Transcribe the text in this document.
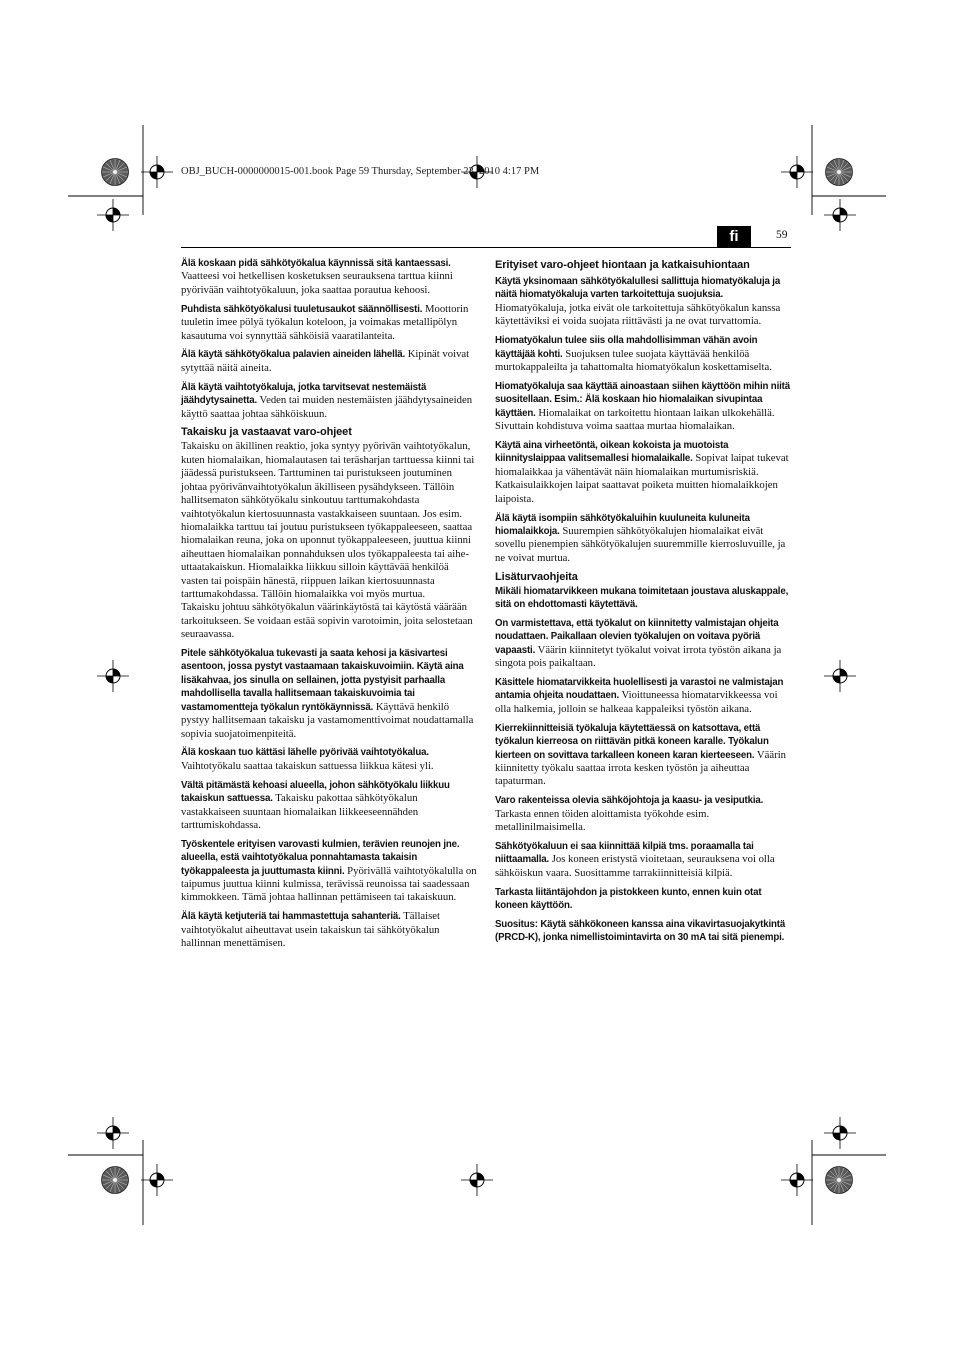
OBJ_BUCH-0000000015-001.book Page 59 Thursday, September 23, 2010 4:17 PM
fi	59

Älä koskaan pidä sähkötyökalua käynnissä sitä kantaessasi. Vaatteesi voi hetkellisen kosketuksen seurauksena tarttua kiinni pyörivään vaihtotyökaluun, joka saattaa porautua kehoosi.

Puhdista sähkötyökalusi tuuletusaukot säännöllisesti. Moottorin tuuletin imee pölyä työkalun koteloon, ja voimakas metallipölyn kasautuma voi synnyttää sähköisiä vaaratilanteita.

Älä käytä sähkötyökalua palavien aineiden lähellä. Kipinät voivat sytyttää näitä aineita.

Älä käytä vaihtotyökaluja, jotka tarvitsevat nestemäistä jäähdytysainetta. Veden tai muiden nestemäisten jäähdytysaineiden käyttö saattaa johtaa sähköiskuun.

Takaisku ja vastaavat varo-ohjeet

Takaisku on äkillinen reaktio, joka syntyy pyörivän vaihtotyökalun, kuten hiomalaikan, hiomalautasen tai teräsharjan tarttuessa kiinni tai jäädessä puristukseen. Tarttuminen tai puristukseen joutuminen johtaa pyörivänvaihtotyökalun äkilliseen pysähdykseen. Tällöin hallitsematon sähkötyökalu sinkoutuu tarttumakohdasta vaihtotyökalun kiertosuunnasta vastakkaiseen suuntaan. Jos esim. hiomalaikka tarttuu tai joutuu puristukseen työkappaleeseen, saattaa hiomalaikan reuna, joka on uponnut työkappaleeseen, juuttua kiinni aiheuttaen hiomalaikan ponnahduksen ulos työkappaleesta tai aiheuttaatakaiskun. Hiomalaikka liikkuu silloin käyttävää henkilöä vasten tai poispäin hänestä, riippuen laikan kiertosuunnasta tarttumakohdassa. Tällöin hiomalaikka voi myös murtua.

Takaisku johtuu sähkötyökalun väärinkäytöstä tai käytöstä väärään tarkoitukseen. Se voidaan estää sopivin varotoimin, joita selostetaan seuraavassa.

Pitele sähkötyökalua tukevasti ja saata kehosi ja käsivartesi asentoon, jossa pystyt vastaamaan takaiskuvoimiin. Käytä aina lisäkahvaa, jos sinulla on sellainen, jotta pystyisit parhaalla mahdollisella tavalla hallitsemaan takaiskuvoimia tai vastamomentteja työkalun ryntökäynnissä. Käyttävä henkilö pystyy hallitsemaan takaisku ja vastamomenttivoimat noudattamalla sopivia suojatoimenpiteitä.

Älä koskaan tuo kättäsi lähelle pyörivää vaihtotyökalua. Vaihtotyökalu saattaa takaiskun sattuessa liikkua kätesi yli.

Vältä pitämästä kehoasi alueella, johon sähkötyökalu liikkuu takaiskun sattuessa. Takaisku pakottaa sähkötyökalun vastakkaiseen suuntaan hiomalaikan liikkeeseennähden tarttumiskohdassa.

Työskentele erityisen varovasti kulmien, terävien reunojen jne. alueella, estä vaihtotyökalua ponnahtamasta takaisin työkappaleesta ja juuttumasta kiinni. Pyörivällä vaihtotyökalulla on taipumus juuttua kiinni kulmissa, terävissä reunoissa tai saadessaan kimmokkeen. Tämä johtaa hallinnan pettämiseen tai takaiskuun.

Älä käytä ketjuteriä tai hammastettuja sahanteriä. Tällaiset vaihtotyökalut aiheuttavat usein takaiskun tai sähkötyökalun hallinnan menettämisen.

Erityiset varo-ohjeet hiontaan ja katkaisuhiontaan

Käytä yksinomaan sähkötyökalullesi sallittuja hiomatyökaluja ja näitä hiomatyökaluja varten tarkoitettuja suojuksia. Hiomatyökaluja, jotka eivät ole tarkoitettuja sähkötyökalun kanssa käytettäviksi ei voida suojata riittävästi ja ne ovat turvattomia.

Hiomatyökalun tulee siis olla mahdollisimman vähän avoin käyttäjää kohti. Suojuksen tulee suojata käyttävää henkilöä murtokappaleilta ja tahattomalta hiomatyökalun koskettamiselta.

Hiomatyökaluja saa käyttää ainoastaan siihen käyttöön mihin niitä suositellaan. Esim.: Älä koskaan hio hiomalaikan sivupintaa käyttäen. Hiomalaikat on tarkoitettu hiontaan laikan ulkokehällä. Sivuttain kohdistuva voima saattaa murtaa hiomalaikan.

Käytä aina virheetöntä, oikean kokoista ja muotoista kiinnityslaippaa valitsemallesi hiomalaikalle. Sopivat laipat tukevat hiomalaikkaa ja vähentävät näin hiomalaikan murtumisriskiä. Katkaisulaikkojen laipat saattavat poiketa muitten hiomalaikkojen laipoista.

Älä käytä isompiin sähkötyökaluihin kuuluneita kuluneita hiomalaikkoja. Suurempien sähkötyökalujen hiomalaikat eivät sovellu pienempien sähkötyökalujen suuremmille kierrosluvuille, ja ne voivat murtua.

Lisäturvaohjeita

Mikäli hiomatarvikkeen mukana toimitetaan joustava aluskappale, sitä on ehdottomasti käytettävä.

On varmistettava, että työkalut on kiinnitetty valmistajan ohjeita noudattaen. Paikallaan olevien työkalujen on voitava pyöriä vapaasti. Väärin kiinnitetyt työkalut voivat irrota työstön aikana ja singota pois paikaltaan.

Käsittele hiomatarvikkeita huolellisesti ja varastoi ne valmistajan antamia ohjeita noudattaen. Vioittuneessa hiomatarvikkeessa voi olla halkemia, jolloin se halkeaa kappaleiksi työstön aikana.

Kierrekiinnitteisiä työkaluja käytettäessä on katsottava, että työkalun kierreosa on riittävän pitkä koneen karalle. Työkalun kierteen on sovittava tarkalleen koneen karan kierteeseen. Väärin kiinnitetty työkalu saattaa irrota kesken työstön ja aiheuttaa tapaturman.

Varo rakenteissa olevia sähköjohtoja ja kaasu- ja vesiputkia. Tarkasta ennen töiden aloittamista työkohde esim. metallinilmaisimella.

Sähkötyökaluun ei saa kiinnittää kilpiä tms. poraamalla tai niittaamalla. Jos koneen eristystä vioitetaan, seurauksena voi olla sähköiskun vaara. Suosittamme tarrakiinnitteisiä kilpiä.

Tarkasta liitäntäjohdon ja pistokkeen kunto, ennen kuin otat koneen käyttöön.

Suositus: Käytä sähkökoneen kanssa aina vikavirtasuojakytkintä (PRCD-K), jonka nimellistoimintavirta on 30 mA tai sitä pienempi.
